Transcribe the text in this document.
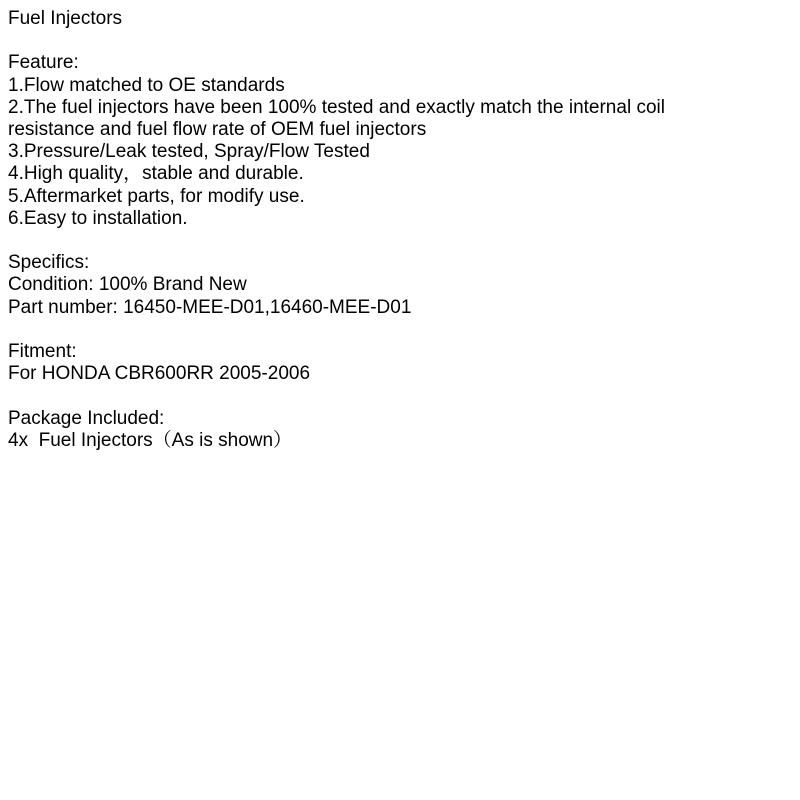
Fuel Injectors
Feature:
1.Flow matched to OE standards
2.The fuel injectors have been 100% tested and exactly match the internal coil
resistance and fuel flow rate of OEM fuel injectors
3.Pressure/Leak tested, Spray/Flow Tested
4.High quality，stable and durable.
5.Aftermarket parts, for modify use.
6.Easy to installation.
Specifics:
Condition: 100% Brand New
Part number: 16450-MEE-D01,16460-MEE-D01
Fitment:
For HONDA CBR600RR 2005-2006
Package Included:
4x  Fuel Injectors（As is shown）
